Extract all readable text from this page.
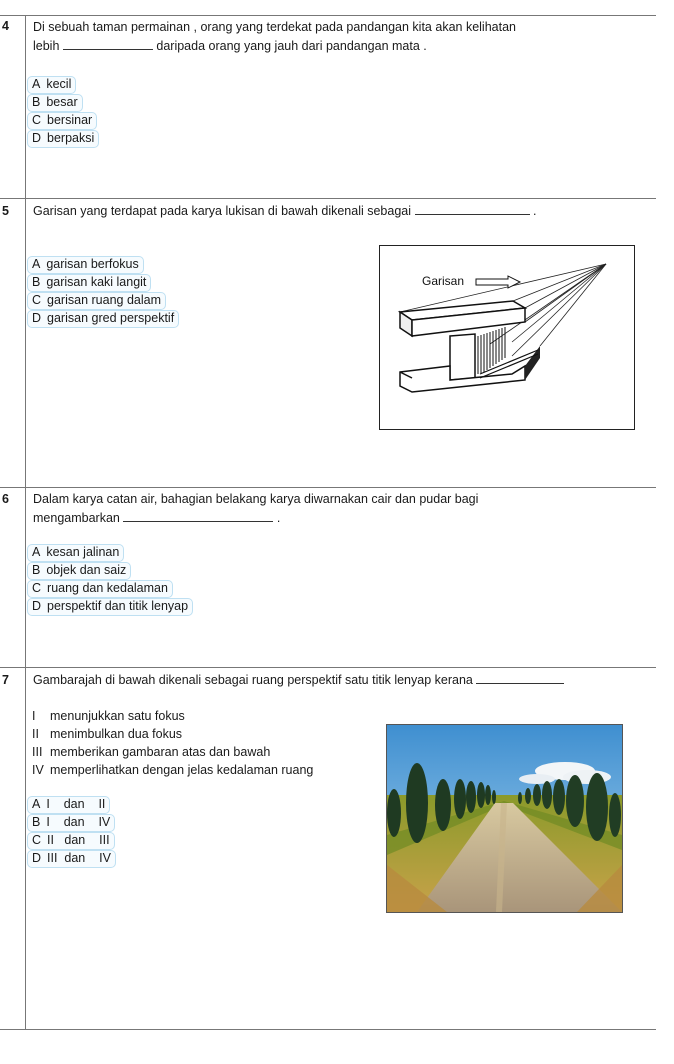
4 Di sebuah taman permainan , orang yang terdekat pada pandangan kita akan kelihatan
lebih	daripada orang yang jauh dari pandangan mata .
A kecil
B besar
C bersinar
D berpaksi
5 Garisan yang terdapat pada karya lukisan di bawah dikenali sebagai	.
A garisan berfokus
B garisan kaki langit
C garisan ruang dalam
D garisan gred perspektif
Garisan
6 Dalam karya catan air, bahagian belakang karya diwarnakan cair dan pudar bagi
mengambarkan	.
A kesan jalinan
B objek dan saiz
C ruang dan kedalaman
D perspektif dan titik lenyap
7 Gambarajah di bawah dikenali sebagai ruang perspektif satu titik lenyap kerana
I menunjukkan satu fokus
II menimbulkan dua fokus
III memberikan gambaran atas dan bawah
IV memperlihatkan dengan jelas kedalaman ruang
A I    dan    II
B I    dan    IV
C II   dan    III
D III  dan    IV
